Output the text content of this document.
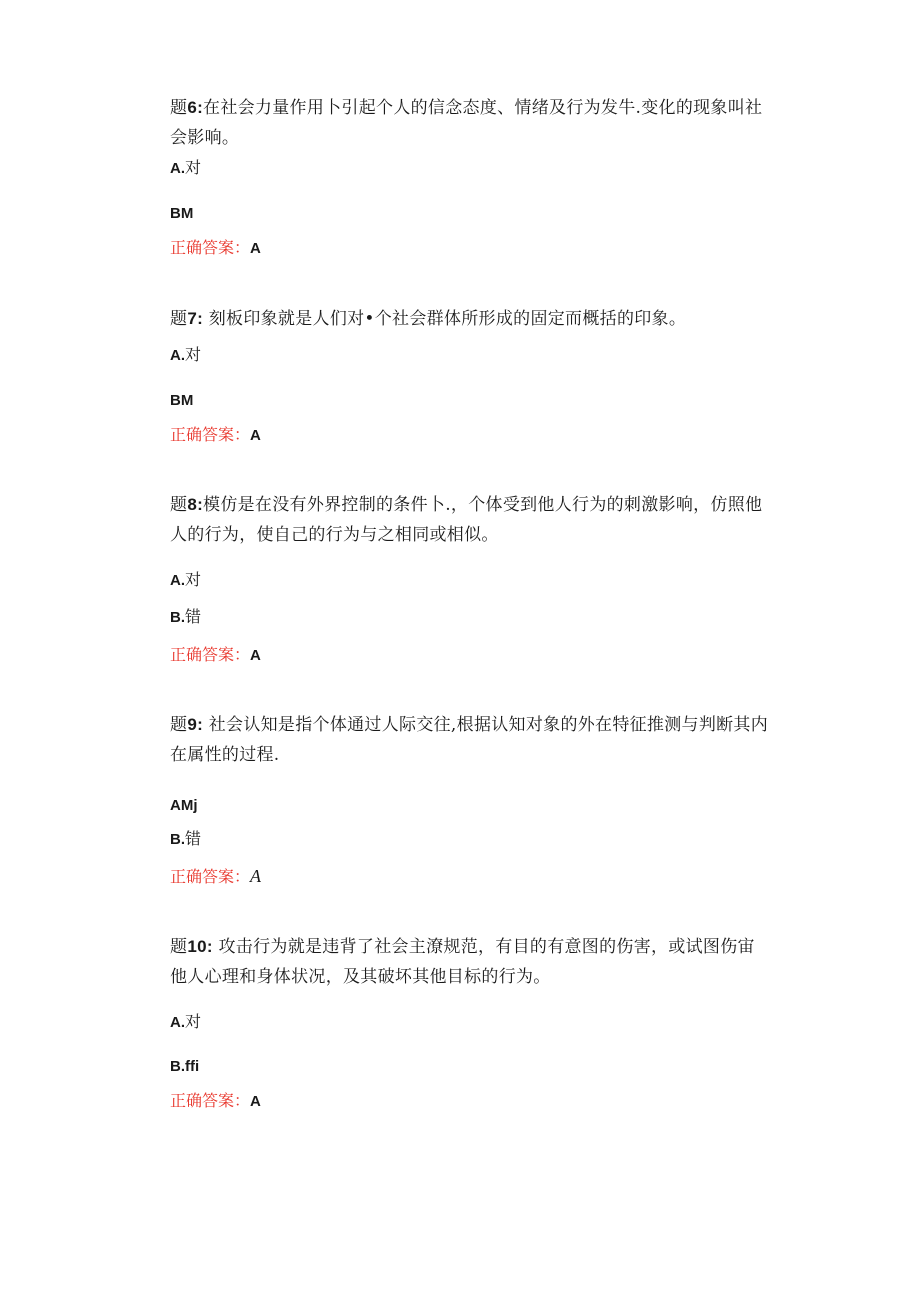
题6:在社会力量作用卜引起个人的信念态度、情绪及行为发牛.变化的现象叫社会影响。
A.对
BM
正确答案：A
题7: 刻板印象就是人们对•个社会群体所形成的固定而概括的印象。
A.对
BM
正确答案：A
题8:模仿是在没有外界控制的条件卜.，个体受到他人行为的刺激影响，仿照他人的行为，使自己的行为与之相同或相似。
A.对
B.错
正确答案：A
题9: 社会认知是指个体通过人际交往,根据认知对象的外在特征推测与判断其内在属性的过程.
AMj
B.错
正确答案：A
题10: 攻击行为就是违背了社会主潦规范，有目的有意图的伤害，或试图伤宙他人心理和身体状况，及其破坏其他目标的行为。
A.对
B.ffi
正确答案：A
